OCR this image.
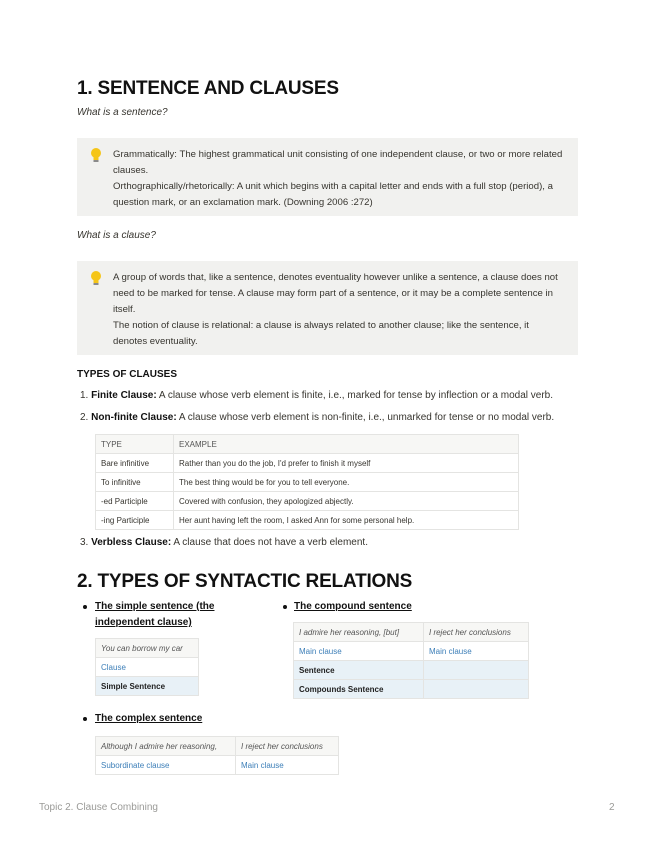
1. SENTENCE AND CLAUSES
What is a sentence?

Grammatically: The highest grammatical unit consisting of one independent clause, or two or more related clauses.

Orthographically/rhetorically: A unit which begins with a capital letter and ends with a full stop (period), a question mark, or an exclamation mark. (Downing 2006 :272)

What is a clause?

A group of words that, like a sentence, denotes eventuality however unlike a sentence, a clause does not need to be marked for tense. A clause may form part of a sentence, or it may be a complete sentence in itself.

The notion of clause is relational: a clause is always related to another clause; like the sentence, it denotes eventuality.

TYPES OF CLAUSES
1. Finite Clause: A clause whose verb element is finite, i.e., marked for tense by inflection or a modal verb.
2. Non-finite Clause: A clause whose verb element is non-finite, i.e., unmarked for tense or no modal verb.
TYPE	EXAMPLE
Bare infinitive	Rather than you do the job, I'd prefer to finish it myself
To infinitive	The best thing would be for you to tell everyone.
-ed Participle	Covered with confusion, they apologized abjectly.
-ing Participle	Her aunt having left the room, I asked Ann for some personal help.
3. Verbless Clause: A clause that does not have a verb element.
2. TYPES OF SYNTACTIC RELATIONS
The simple sentence (the
independent clause)
You can borrow my car
Clause
Simple Sentence
The compound sentence
I admire her reasoning, [but]	I reject her conclusions
Main clause	Main clause
Sentence	
Compounds Sentence	
The complex sentence
Although I admire her reasoning,	I reject her conclusions
Subordinate clause	Main clause
Topic 2. Clause Combining	2
